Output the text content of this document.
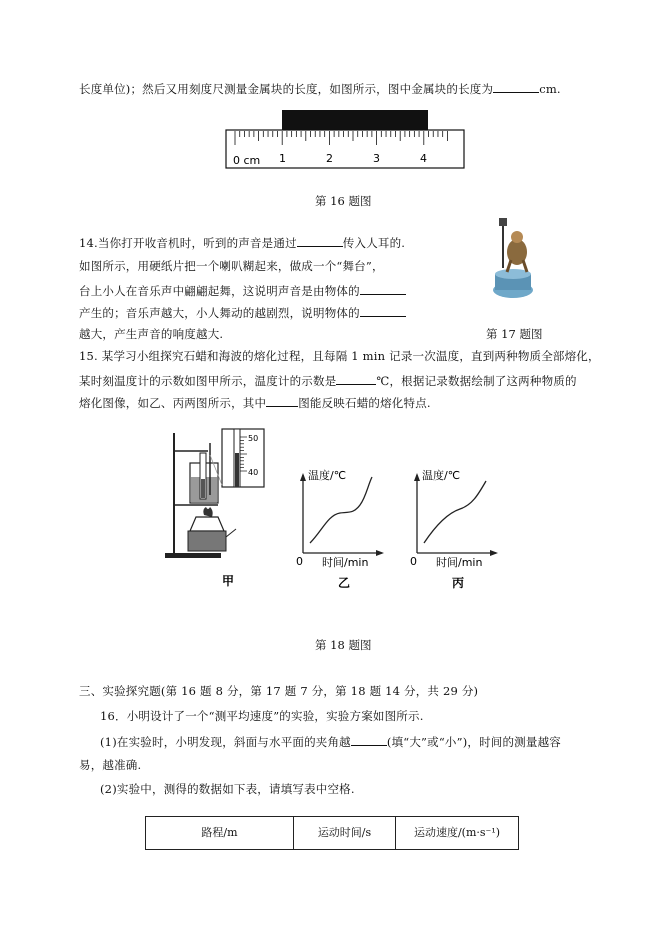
长度单位)；然后又用刻度尺测量金属块的长度，如图所示，图中金属块的长度为	cm.
0 cm 1	2	3	4
第 16 题图
14.当你打开收音机时，听到的声音是通过	传入人耳的.
如图所示，用硬纸片把一个喇叭糊起来，做成一个“舞台”，
台上小人在音乐声中翩翩起舞，这说明声音是由物体的
产生的；音乐声越大，小人舞动的越剧烈，说明物体的
越大，产生声音的响度越大.	第 17 题图
15. 某学习小组探究石蜡和海波的熔化过程，且每隔 1 min 记录一次温度，直到两种物质全部熔化，
某时刻温度计的示数如图甲所示，温度计的示数是	℃，根据记录数据绘制了这两种物质的
熔化图像，如乙、丙两图所示，其中	图能反映石蜡的熔化特点.
50
40
甲
温度/℃
时间/min
0
乙
温度/℃
时间/min
0
丙
第 18 题图
三、实验探究题(第 16 题 8 分，第 17 题 7 分，第 18 题 14 分，共 29 分)
16．小明设计了一个“测平均速度”的实验，实验方案如图所示.
(1)在实验时，小明发现，斜面与水平面的夹角越	(填“大”或“小”)，时间的测量越容
易，越准确.
(2)实验中，测得的数据如下表，请填写表中空格.
路程/m	运动时间/s	运动速度/(m·s⁻¹)
